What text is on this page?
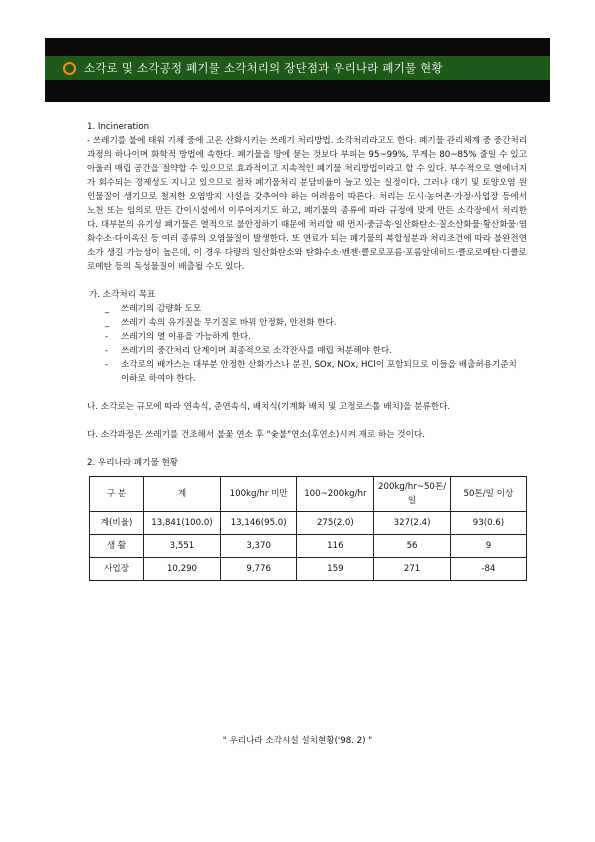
소각로 및 소각공정 폐기물 소각처리의 장단점과 우리나라 폐기물 현황

1. Incineration

- 쓰레기를 불에 태워 기체 중에 고온 산화시키는 쓰레기 처리방법. 소각처리라고도 한다. 폐기물 관리체계 중 중간처리 과정의 하나이며 화학적 방법에 속한다. 폐기물을 땅에 묻는 것보다 부피는 95~99%, 무게는 80~85% 줄일 수 있고 아울러 매립 공간을 절약할 수 있으므로 효과적이고 지속적인 폐기물 처리방법이라고 할 수 있다. 부수적으로 열에너지가 회수되는 경제성도 지니고 있으므로 점차 폐기물처리 분담비율이 늘고 있는 실정이다. 그러나 대기 및 토양오염 원인물질이 생기므로 철저한 오염방지 시설을 갖추어야 하는 어려움이 따른다. 처리는 도시·농어촌·가정·사업장 등에서 노천 또는 임의로 만든 간이시설에서 이루어지기도 하고, 폐기물의 종류에 따라 규정에 맞게 만든 소각장에서 처리한다. 대부분의 유기성 폐기물은 열적으로 불안정하기 때문에 처리할 때 먼지·중금속·일산화탄소·질소산화물·황산화물·염화수소·다이옥신 등 여러 종류의 오염물질이 발생한다. 또 연료가 되는 폐기물의 복합성분과 처리조건에 따라 불완전연소가 생길 가능성이 높은데, 이 경우 다량의 일산화탄소와 탄화수소·벤젠·클로로포름·포름알데히드·클로로메탄·디클로로메탄 등의 독성물질이 배출될 수도 있다.

가. 소각처리 목표

_ 쓰레기의 감량화 도모
_ 쓰레기 속의 유기질을 무기질로 바꿔 안정화, 안전화 한다.
- 쓰레기의 열 이용을 가능하게 한다.
- 쓰레기의 중간처리 단계이며 최종적으로 소각잔사를 매립 처분해야 한다.
- 소각로의 배가스는 대부분 안정한 산화가스나 분진, SOx, NOx, HCl이 포함되므로 이들을 배출허용기준치 이하로 하여야 한다.

나. 소각로는 규모에 따라 연속식, 준연속식, 배치식(기계화 배치 및 고정로스톨 배치)을 분류한다.

다. 소각과정은 쓰레기를 건조해서 불꽃 연소 후 "숯불"연소(후연소)시켜 재로 하는 것이다.

2. 우리나라 폐기물 현황

구 분	계	100kg/hr 미만	100~200kg/hr	200kg/hr~50톤/일	50톤/일 이상
계(비율)	13,841(100.0)	13,146(95.0)	275(2.0)	327(2.4)	93(0.6)
생 활	3,551	3,370	116	56	9
사업장	10,290	9,776	159	271	-84
" 우리나라 소각시설 설치현황('98. 2) "
